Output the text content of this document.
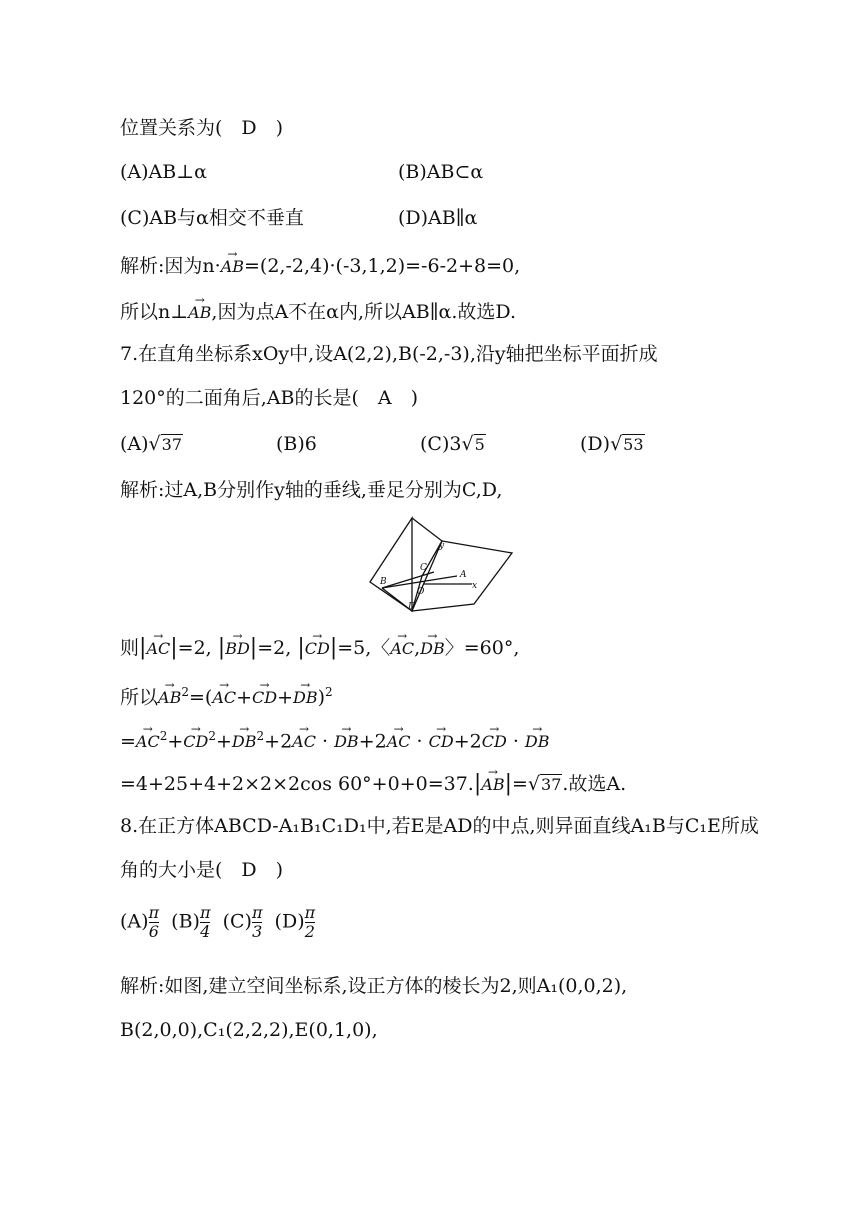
位置关系为(　D　)
(A)AB⊥α	(B)AB⊂α
(C)AB与α相交不垂直	(D)AB∥α
解析:因为n·→ AB=(2,-2,4)·(-3,1,2)=-6-2+8=0,
所以n⊥→ AB,因为点A不在α内,所以AB∥α.故选D.
7.在直角坐标系xOy中,设A(2,2),B(-2,-3),沿y轴把坐标平面折成
120°的二面角后,AB的长是(　A　)
(A)√37	(B)6	(C)3√5	(D)√53
解析:过A,B分别作y轴的垂线,垂足分别为C,D,
y
C
A
B
O
x
D
则|→ AC|=2, |→ BD|=2, |→ CD|=5,〈→ AC,→ DB〉=60°,
所以→ $AB^2=(\to AC+\to CD+\to DB)^2$
=→ $AC^2+\to CD^2+\to DB^2+2\to$ AC · → DB+2→ AC · → CD+2→ CD · → DB
=4+25+4+2×2×2cos 60°+0+0=37.|→ AB|=√37.故选A.
8.在正方体ABCD-A₁B₁C₁D₁中,若E是AD的中点,则异面直线A₁B与C₁E所成
角的大小是(　D　)
$(A) \frac{\pi}{6} (B) \frac{\pi}{4} (C) \frac{\pi}{3} (D) \frac{\pi}{2}$
解析:如图,建立空间坐标系,设正方体的棱长为2,则A₁(0,0,2),
B(2,0,0),C₁(2,2,2),E(0,1,0),
